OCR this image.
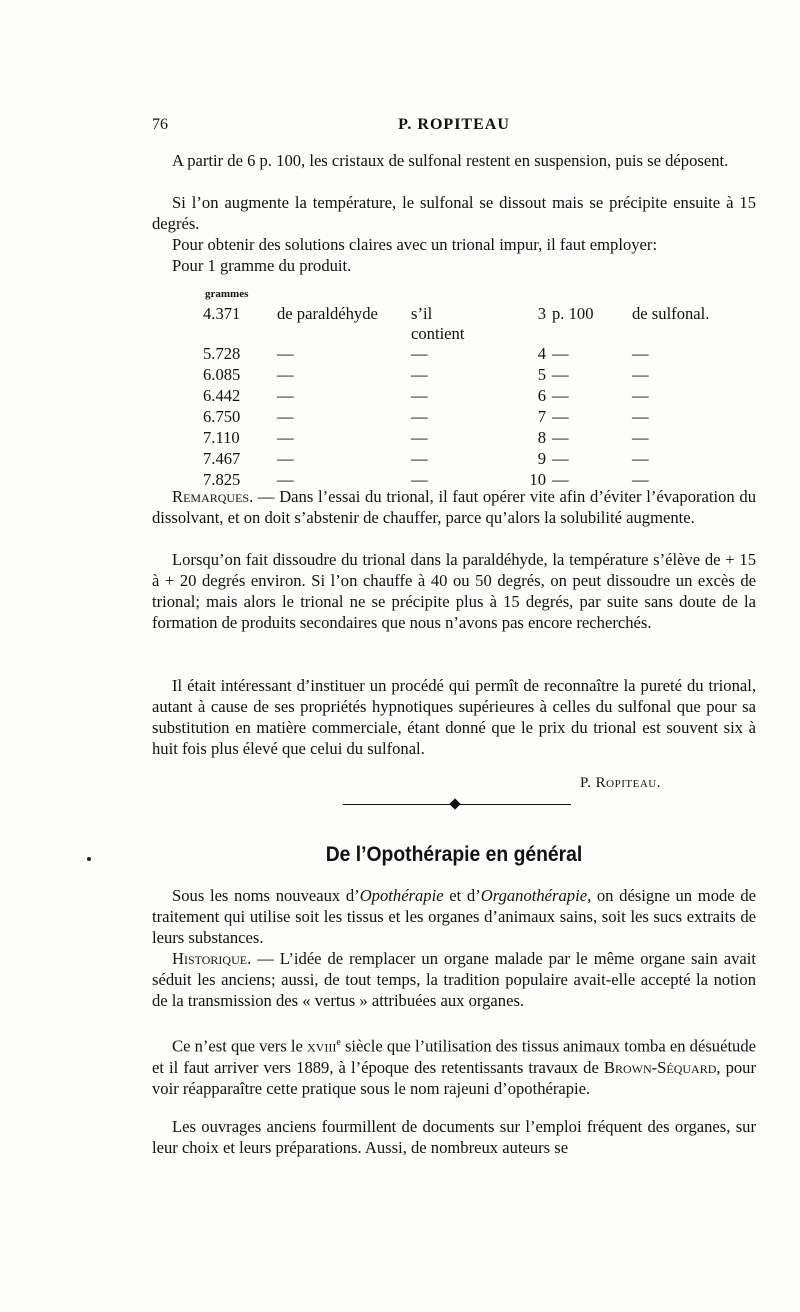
76	P. ROPITEAU

A partir de 6 p. 100, les cristaux de sulfonal restent en suspension, puis se déposent.

Si l’on augmente la température, le sulfonal se dissout mais se précipite ensuite à 15 degrés.

Pour obtenir des solutions claires avec un trional impur, il faut employer:

Pour 1 gramme du produit.

grammes
4.371	de paraldéhyde	s’il contient	3	p. 100	de sulfonal.
5.728	—	—	4	—	—
6.085	—	—	5	—	—
6.442	—	—	6	—	—
6.750	—	—	7	—	—
7.110	—	—	8	—	—
7.467	—	—	9	—	—
7.825	—	—	10	—	—

Remarques. — Dans l’essai du trional, il faut opérer vite afin d’éviter l’évaporation du dissolvant, et on doit s’abstenir de chauffer, parce qu’alors la solubilité augmente.

Lorsqu’on fait dissoudre du trional dans la paraldéhyde, la température s’élève de + 15 à + 20 degrés environ. Si l’on chauffe à 40 ou 50 degrés, on peut dissoudre un excès de trional; mais alors le trional ne se précipite plus à 15 degrés, par suite sans doute de la formation de produits secondaires que nous n’avons pas encore recherchés.

Il était intéressant d’instituer un procédé qui permît de reconnaître la pureté du trional, autant à cause de ses propriétés hypnotiques supérieures à celles du sulfonal que pour sa substitution en matière commerciale, étant donné que le prix du trional est souvent six à huit fois plus élevé que celui du sulfonal.

P. Ropiteau.
De l’Opothérapie en général

Sous les noms nouveaux d’Opothérapie et d’Organothérapie, on désigne un mode de traitement qui utilise soit les tissus et les organes d’animaux sains, soit les sucs extraits de leurs substances.

Historique. — L’idée de remplacer un organe malade par le même organe sain avait séduit les anciens; aussi, de tout temps, la tradition populaire avait-elle accepté la notion de la transmission des « vertus » attribuées aux organes.

Ce n’est que vers le xviii$^e$ siècle que l’utilisation des tissus animaux tomba en désuétude et il faut arriver vers 1889, à l’époque des retentissants travaux de Brown-Séquard, pour voir réapparaître cette pratique sous le nom rajeuni d’opothérapie.

Les ouvrages anciens fourmillent de documents sur l’emploi fréquent des organes, sur leur choix et leurs préparations. Aussi, de nombreux auteurs se
